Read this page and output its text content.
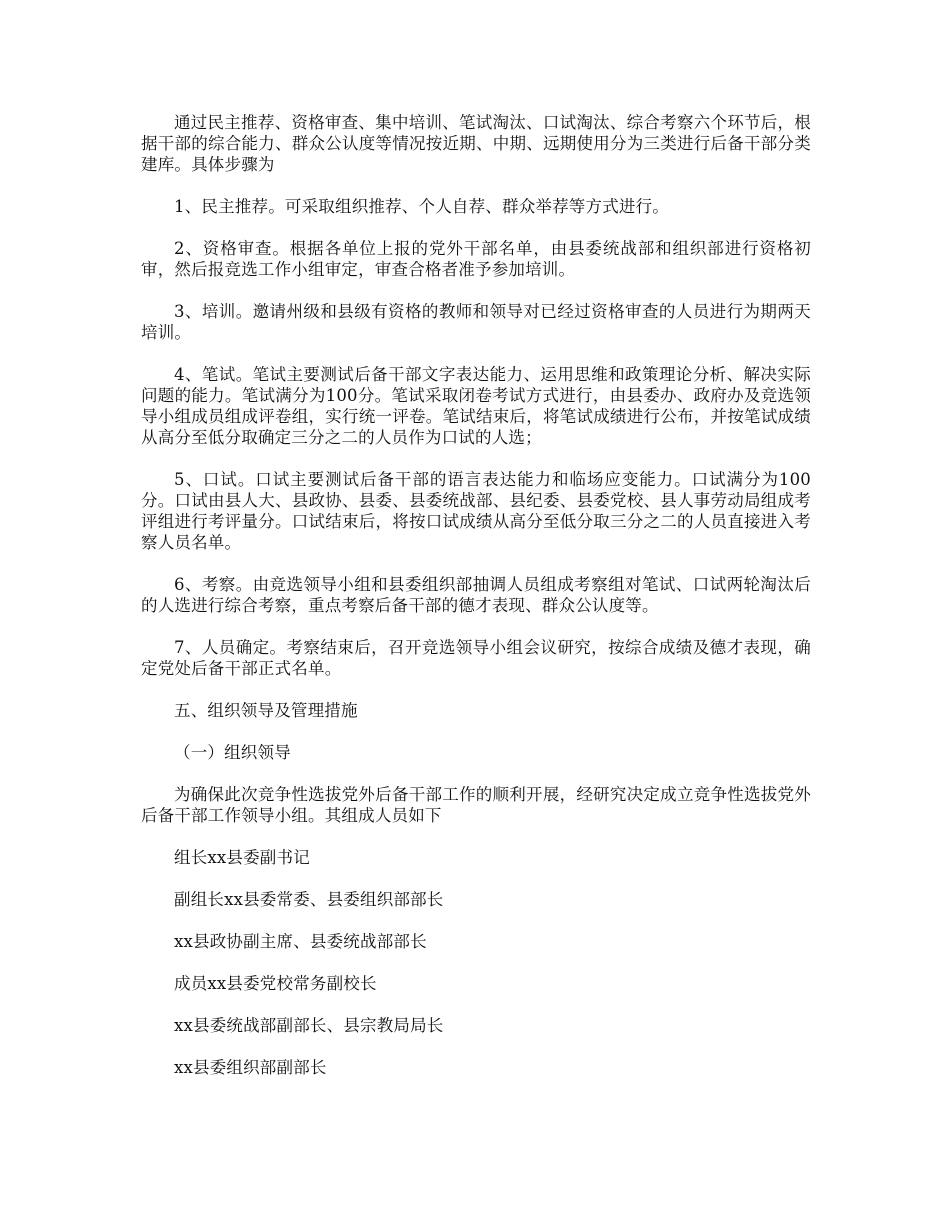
通过民主推荐、资格审查、集中培训、笔试淘汰、口试淘汰、综合考察六个环节后，根据干部的综合能力、群众公认度等情况按近期、中期、远期使用分为三类进行后备干部分类建库。具体步骤为

1、民主推荐。可采取组织推荐、个人自荐、群众举荐等方式进行。

2、资格审查。根据各单位上报的党外干部名单，由县委统战部和组织部进行资格初审，然后报竞选工作小组审定，审查合格者准予参加培训。

3、培训。邀请州级和县级有资格的教师和领导对已经过资格审查的人员进行为期两天培训。

4、笔试。笔试主要测试后备干部文字表达能力、运用思维和政策理论分析、解决实际问题的能力。笔试满分为100分。笔试采取闭卷考试方式进行，由县委办、政府办及竞选领导小组成员组成评卷组，实行统一评卷。笔试结束后，将笔试成绩进行公布，并按笔试成绩从高分至低分取确定三分之二的人员作为口试的人选；

5、口试。口试主要测试后备干部的语言表达能力和临场应变能力。口试满分为100分。口试由县人大、县政协、县委、县委统战部、县纪委、县委党校、县人事劳动局组成考评组进行考评量分。口试结束后，将按口试成绩从高分至低分取三分之二的人员直接进入考察人员名单。

6、考察。由竞选领导小组和县委组织部抽调人员组成考察组对笔试、口试两轮淘汰后的人选进行综合考察，重点考察后备干部的德才表现、群众公认度等。

7、人员确定。考察结束后，召开竞选领导小组会议研究，按综合成绩及德才表现，确定党处后备干部正式名单。

五、组织领导及管理措施

（一）组织领导

为确保此次竞争性选拔党外后备干部工作的顺利开展，经研究决定成立竞争性选拔党外后备干部工作领导小组。其组成人员如下

组长xx县委副书记

副组长xx县委常委、县委组织部部长

xx县政协副主席、县委统战部部长

成员xx县委党校常务副校长

xx县委统战部副部长、县宗教局局长

xx县委组织部副部长
